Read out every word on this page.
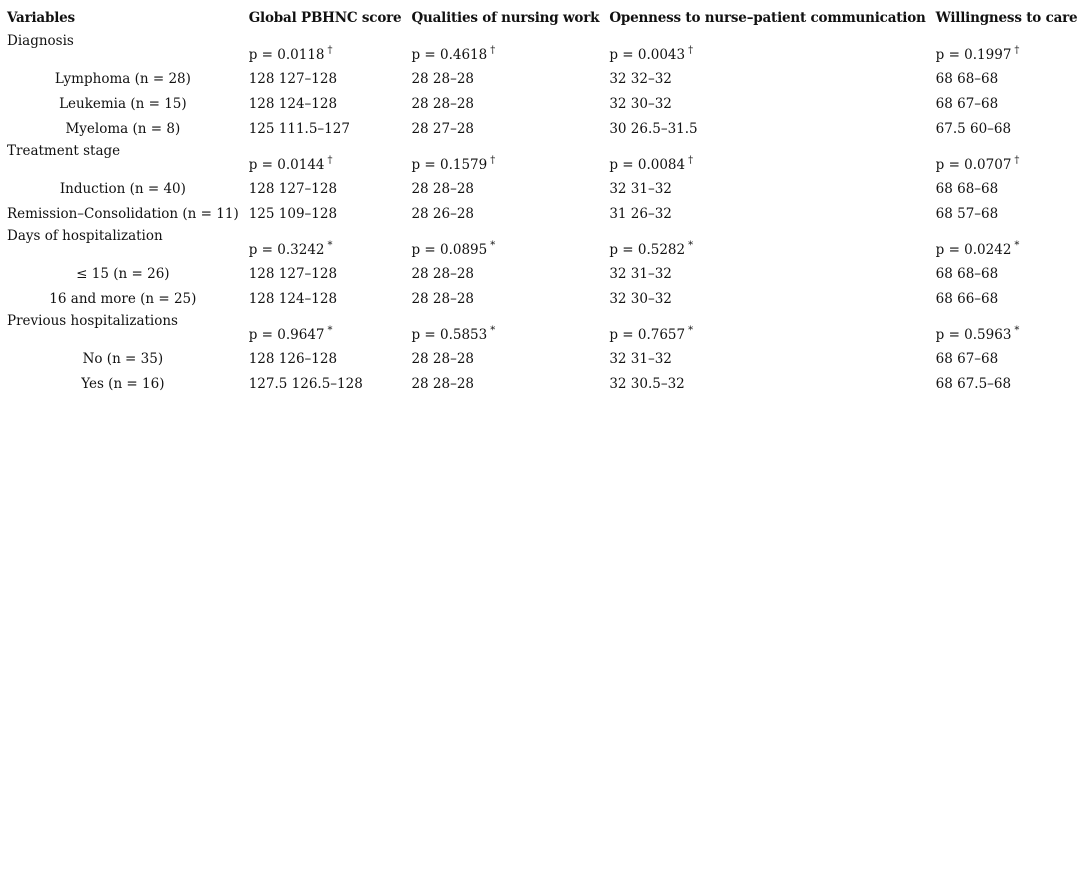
Variables	Global PBHNC score	Qualities of nursing work	Openness to nurse–patient communication	Willingness to care
Diagnosis	p = 0.0118 †	p = 0.4618 †	p = 0.0043 †	p = 0.1997 †
Lymphoma (n = 28)	128 127–128	28 28–28	32 32–32	68 68–68
Leukemia (n = 15)	128 124–128	28 28–28	32 30–32	68 67–68
Myeloma (n = 8)	125 111.5–127	28 27–28	30 26.5–31.5	67.5 60–68
Treatment stage	p = 0.0144 †	p = 0.1579 †	p = 0.0084 †	p = 0.0707 †
Induction (n = 40)	128 127–128	28 28–28	32 31–32	68 68–68
Remission–Consolidation (n = 11)	125 109–128	28 26–28	31 26–32	68 57–68
Days of hospitalization	p = 0.3242 *	p = 0.0895 *	p = 0.5282 *	p = 0.0242 *
≤ 15 (n = 26)	128 127–128	28 28–28	32 31–32	68 68–68
16 and more (n = 25)	128 124–128	28 28–28	32 30–32	68 66–68
Previous hospitalizations	p = 0.9647 *	p = 0.5853 *	p = 0.7657 *	p = 0.5963 *
No (n = 35)	128 126–128	28 28–28	32 31–32	68 67–68
Yes (n = 16)	127.5 126.5–128	28 28–28	32 30.5–32	68 67.5–68
